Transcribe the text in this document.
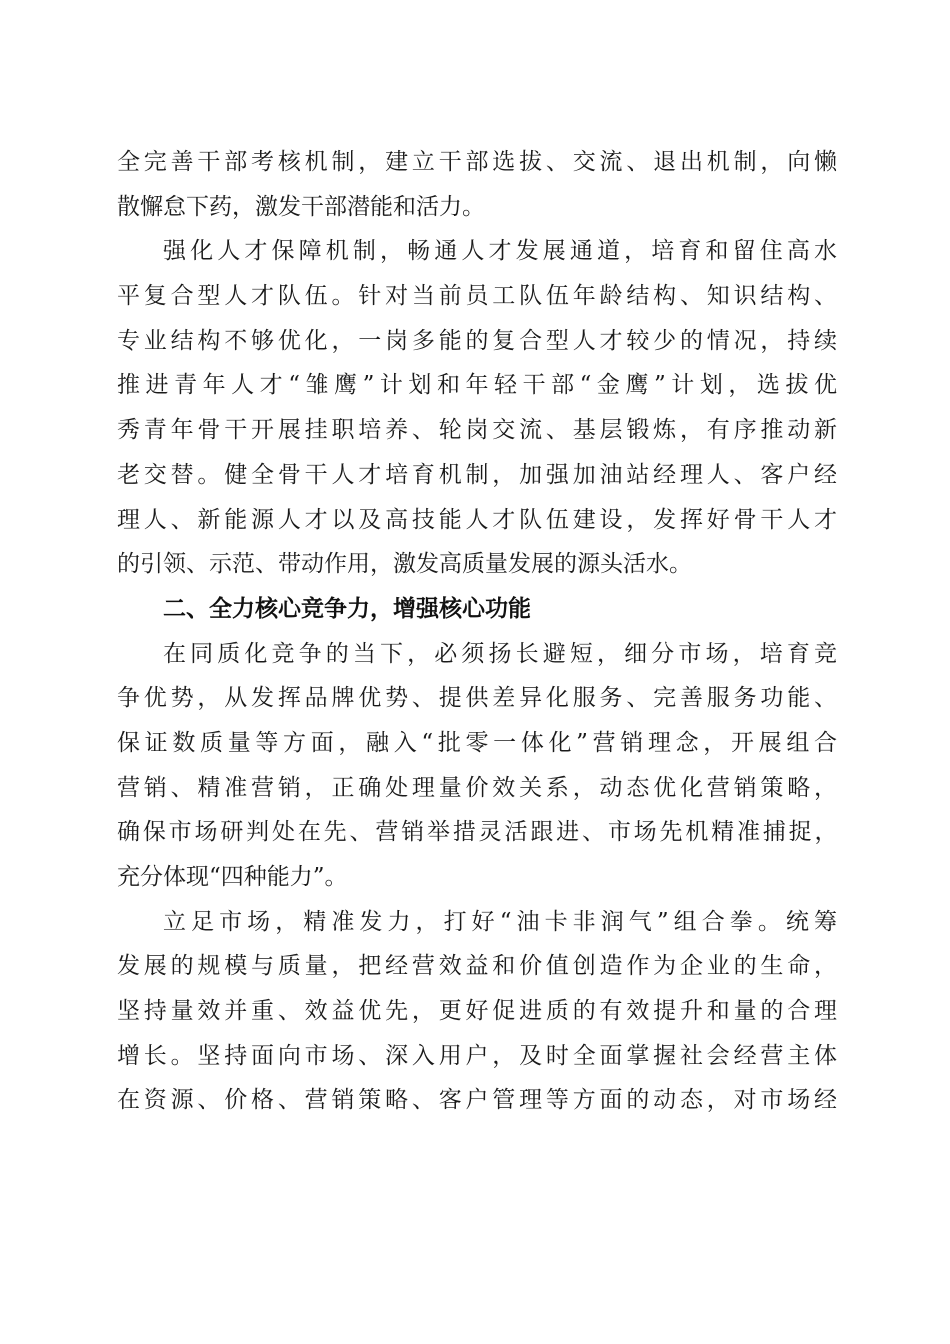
全完善干部考核机制，建立干部选拔、交流、退出机制，向懒
散懈怠下药，激发干部潜能和活力。
强化人才保障机制，畅通人才发展通道，培育和留住高水
平复合型人才队伍。针对当前员工队伍年龄结构、知识结构、
专业结构不够优化，一岗多能的复合型人才较少的情况，持续
推进青年人才“雏鹰”计划和年轻干部“金鹰”计划，选拔优
秀青年骨干开展挂职培养、轮岗交流、基层锻炼，有序推动新
老交替。健全骨干人才培育机制，加强加油站经理人、客户经
理人、新能源人才以及高技能人才队伍建设，发挥好骨干人才
的引领、示范、带动作用，激发高质量发展的源头活水。
二、全力核心竞争力，增强核心功能
在同质化竞争的当下，必须扬长避短，细分市场，培育竞
争优势，从发挥品牌优势、提供差异化服务、完善服务功能、
保证数质量等方面，融入“批零一体化”营销理念，开展组合
营销、精准营销，正确处理量价效关系，动态优化营销策略，
确保市场研判处在先、营销举措灵活跟进、市场先机精准捕捉，
充分体现“四种能力”。
立足市场，精准发力，打好“油卡非润气”组合拳。统筹
发展的规模与质量，把经营效益和价值创造作为企业的生命，
坚持量效并重、效益优先，更好促进质的有效提升和量的合理
增长。坚持面向市场、深入用户，及时全面掌握社会经营主体
在资源、价格、营销策略、客户管理等方面的动态，对市场经
